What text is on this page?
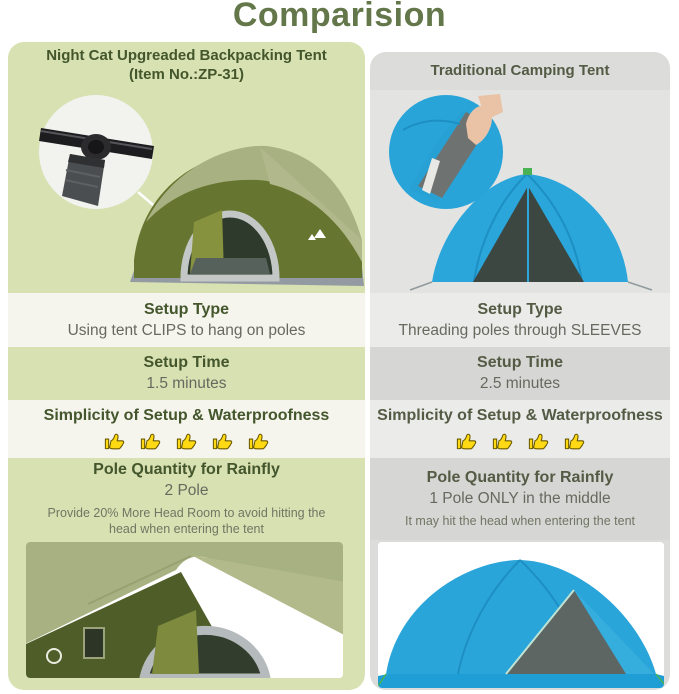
Comparision
Night Cat Upgreaded Backpacking Tent
(Item No.:ZP-31)
Setup Type
Using tent CLIPS to hang on poles
Setup Time
1.5 minutes
Simplicity of Setup & Waterproofness
Pole Quantity for Rainfly
2 Pole
Provide 20% More Head Room to avoid hitting the head when entering the tent
Traditional Camping Tent
Setup Type
Threading poles through SLEEVES
Setup Time
2.5 minutes
Simplicity of Setup & Waterproofness
Pole Quantity for Rainfly
1 Pole ONLY in the middle
It may hit the head when entering the tent
